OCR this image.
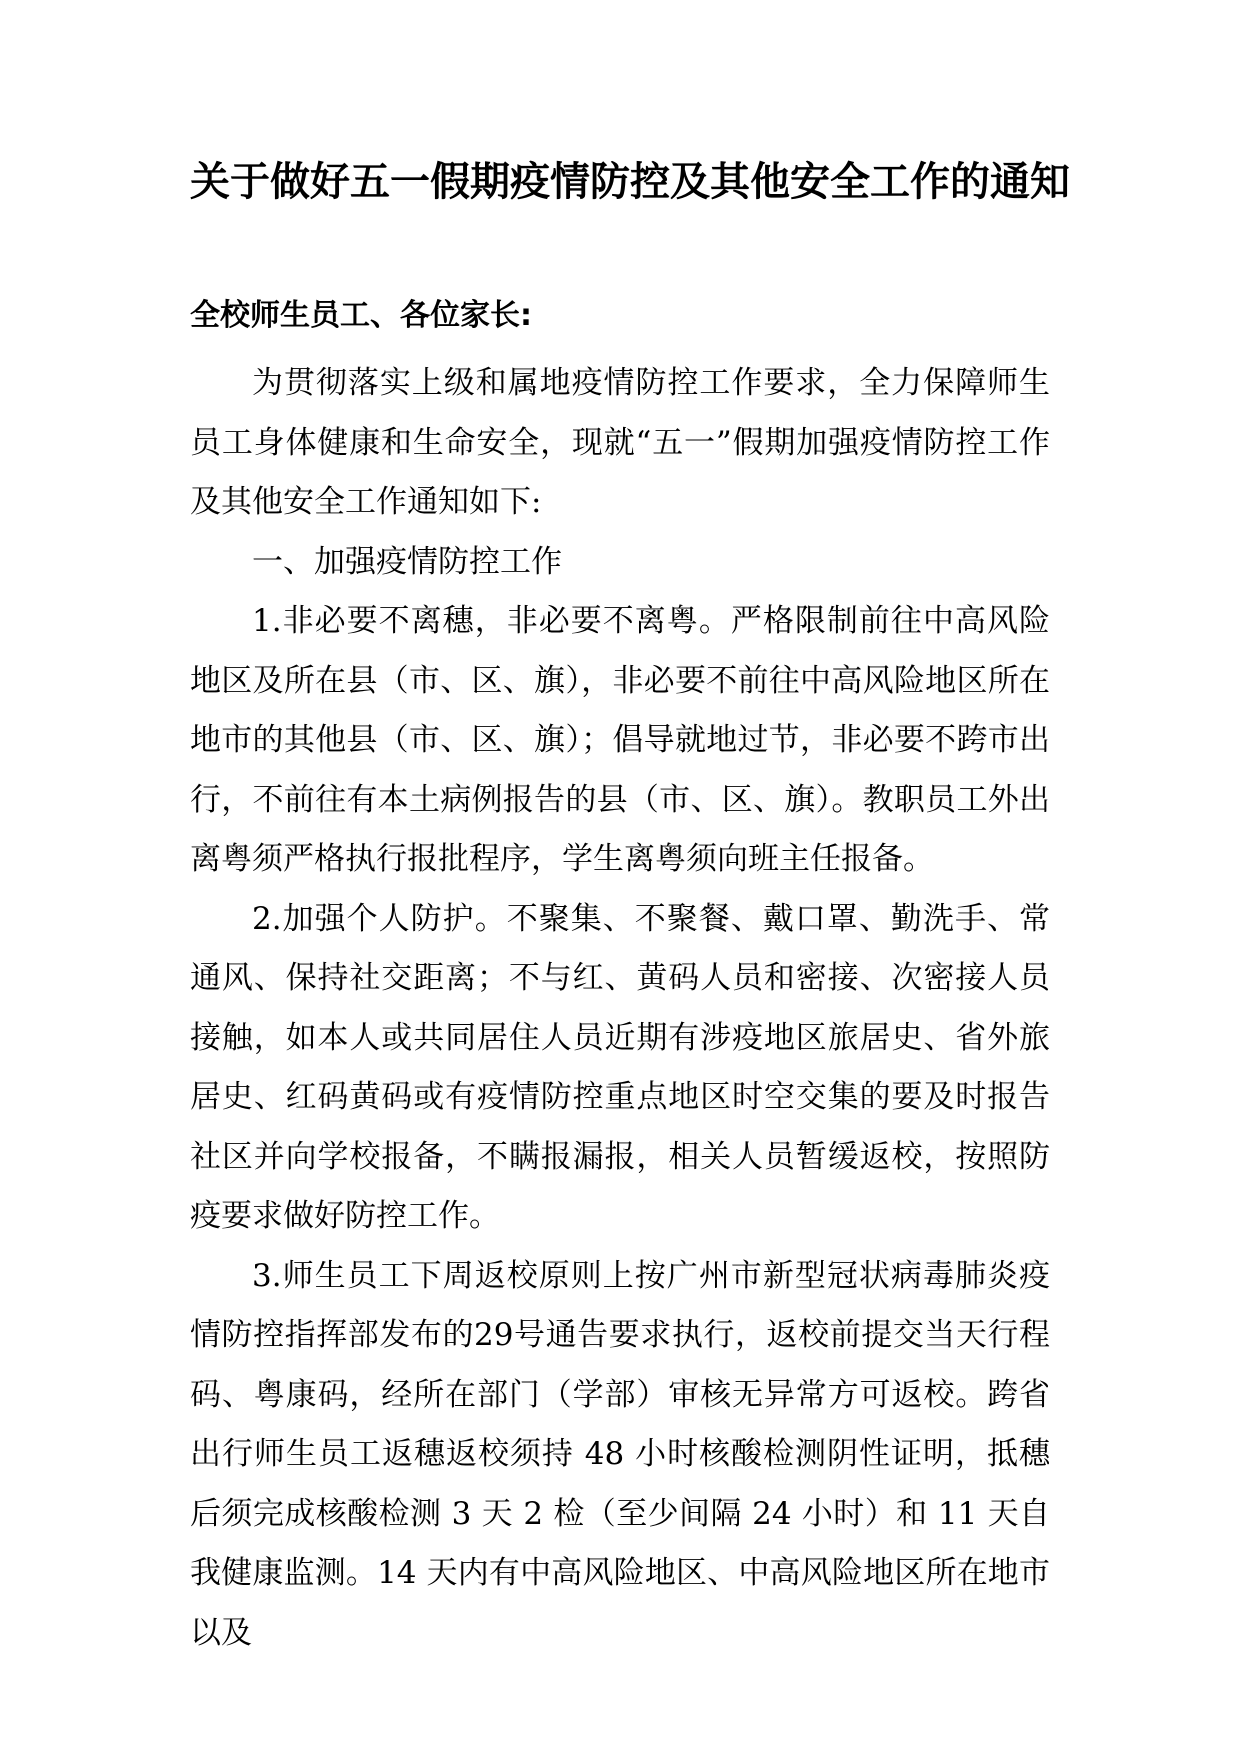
关于做好五一假期疫情防控及其他安全工作的通知
全校师生员工、各位家长:

为贯彻落实上级和属地疫情防控工作要求，全力保障师生员工身体健康和生命安全，现就“五一”假期加强疫情防控工作及其他安全工作通知如下:

一、加强疫情防控工作

1.非必要不离穗，非必要不离粤。严格限制前往中高风险地区及所在县（市、区、旗），非必要不前往中高风险地区所在地市的其他县（市、区、旗）；倡导就地过节，非必要不跨市出行，不前往有本土病例报告的县（市、区、旗）。教职员工外出离粤须严格执行报批程序，学生离粤须向班主任报备。

2.加强个人防护。不聚集、不聚餐、戴口罩、勤洗手、常通风、保持社交距离；不与红、黄码人员和密接、次密接人员接触，如本人或共同居住人员近期有涉疫地区旅居史、省外旅居史、红码黄码或有疫情防控重点地区时空交集的要及时报告社区并向学校报备，不瞒报漏报，相关人员暂缓返校，按照防疫要求做好防控工作。

3.师生员工下周返校原则上按广州市新型冠状病毒肺炎疫情防控指挥部发布的29号通告要求执行，返校前提交当天行程码、粤康码，经所在部门（学部）审核无异常方可返校。跨省出行师生员工返穗返校须持 48 小时核酸检测阴性证明，抵穗后须完成核酸检测 3 天 2 检（至少间隔 24 小时）和 11 天自我健康监测。14 天内有中高风险地区、中高风险地区所在地市以及
